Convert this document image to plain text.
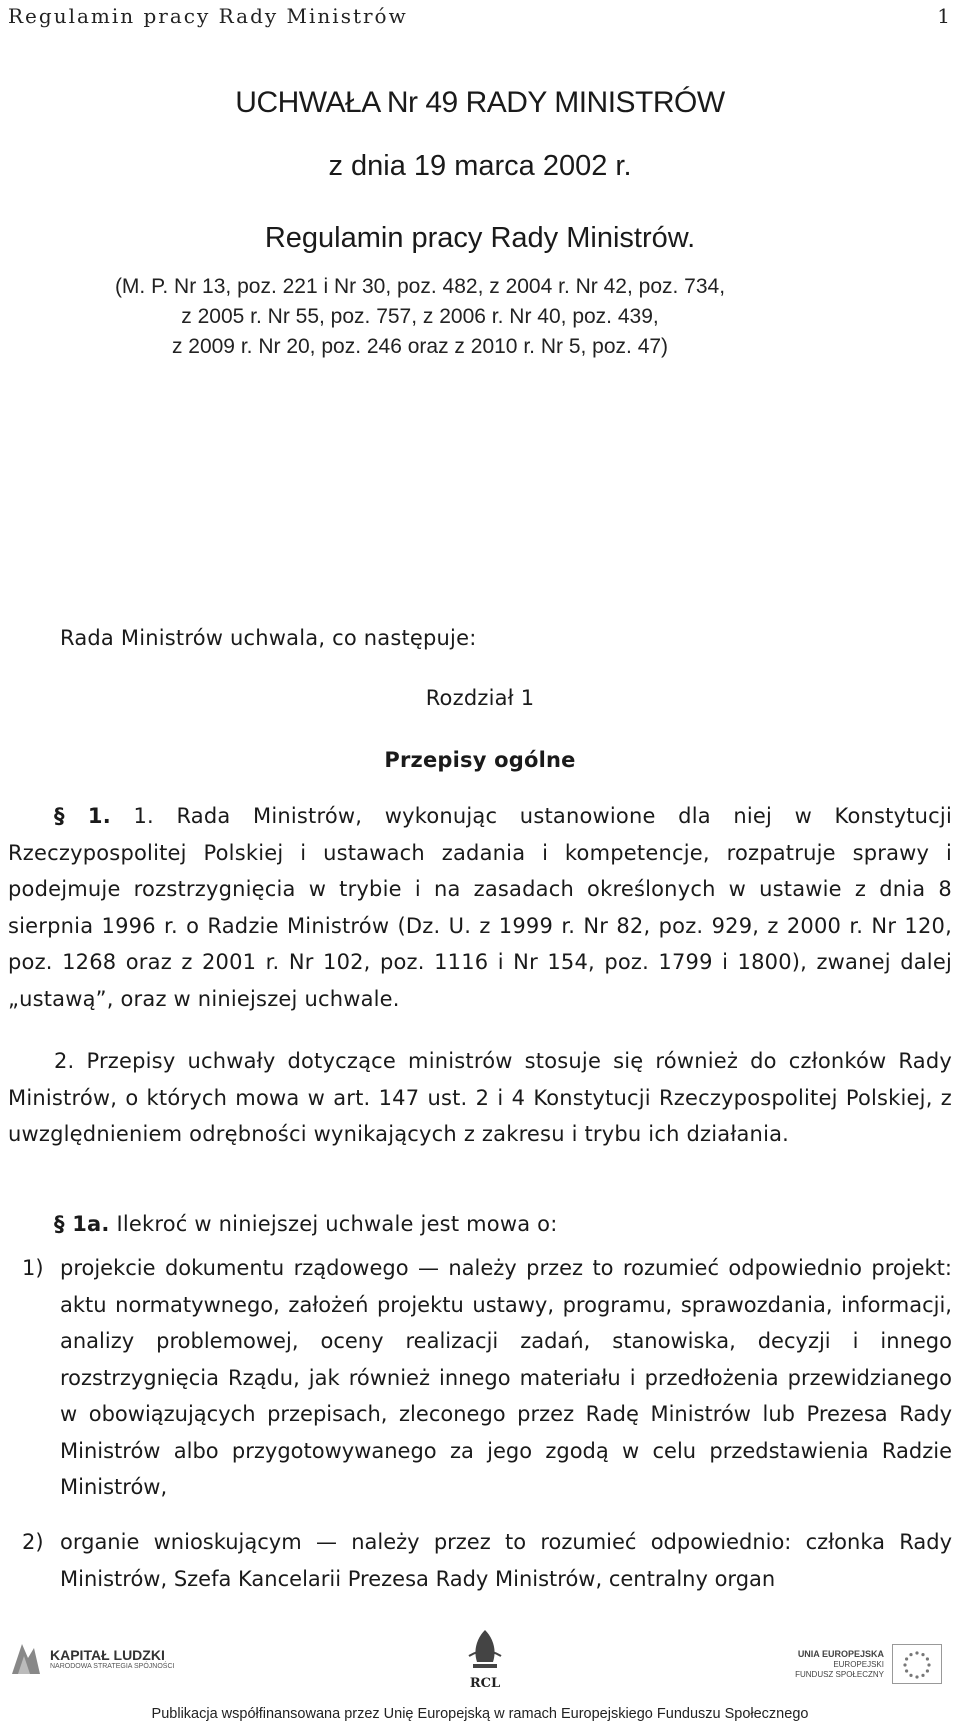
Regulamin pracy Rady Ministrów	1
UCHWAŁA Nr 49 RADY MINISTRÓW
z dnia 19 marca 2002 r.
Regulamin pracy Rady Ministrów.
(M. P. Nr 13, poz. 221 i Nr 30, poz. 482, z 2004 r. Nr 42, poz. 734,
z 2005 r. Nr 55, poz. 757, z 2006 r. Nr 40, poz. 439,
z 2009 r. Nr 20, poz. 246 oraz z 2010 r. Nr 5, poz. 47)
Rada Ministrów uchwala, co następuje:
Rozdział 1
Przepisy ogólne
§ 1. 1. Rada Ministrów, wykonując ustanowione dla niej w Konstytucji Rzeczypospolitej Polskiej i ustawach zadania i kompetencje, rozpatruje sprawy i podejmuje rozstrzygnięcia w trybie i na zasadach określonych w ustawie z dnia 8 sierpnia 1996 r. o Radzie Ministrów (Dz. U. z 1999 r. Nr 82, poz. 929, z 2000 r. Nr 120, poz. 1268 oraz z 2001 r. Nr 102, poz. 1116 i Nr 154, poz. 1799 i 1800), zwanej dalej „ustawą”, oraz w niniejszej uchwale.
2. Przepisy uchwały dotyczące ministrów stosuje się również do członków Rady Ministrów, o których mowa w art. 147 ust. 2 i 4 Konstytucji Rzeczypospolitej Polskiej, z uwzględnieniem odrębności wynikających z zakresu i trybu ich działania.
§ 1a. Ilekroć w niniejszej uchwale jest mowa o:
1) projekcie dokumentu rządowego — należy przez to rozumieć odpowiednio projekt: aktu normatywnego, założeń projektu ustawy, programu, sprawozdania, informacji, analizy problemowej, oceny realizacji zadań, stanowiska, decyzji i innego rozstrzygnięcia Rządu, jak również innego materiału i przedłożenia przewidzianego w obowiązujących przepisach, zleconego przez Radę Ministrów lub Prezesa Rady Ministrów albo przygotowywanego za jego zgodą w celu przedstawienia Radzie Ministrów,
2) organie wnioskującym — należy przez to rozumieć odpowiednio: członka Rady Ministrów, Szefa Kancelarii Prezesa Rady Ministrów, centralny organ
KAPITAŁ LUDZKI
NARODOWA STRATEGIA SPÓJNOŚCI
RCL
UNIA EUROPEJSKA
EUROPEJSKI
FUNDUSZ SPOŁECZNY
Publikacja współfinansowana przez Unię Europejską w ramach Europejskiego Funduszu Społecznego
